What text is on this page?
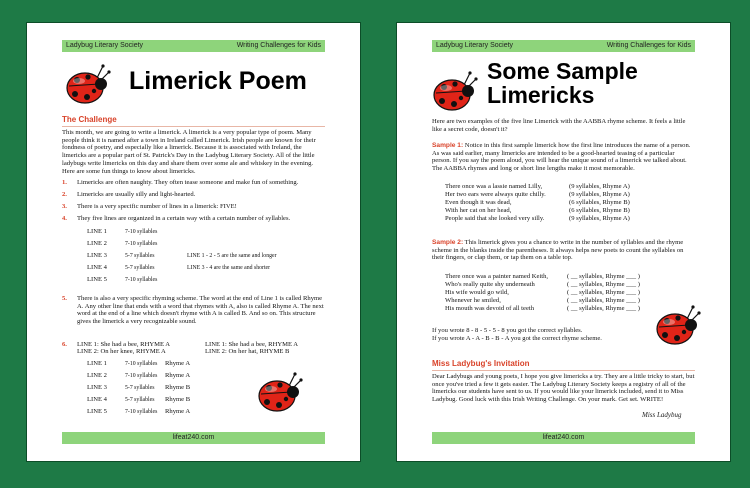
Ladybug Literary Society	Writing Challenges for Kids
Limerick Poem
The Challenge
This month, we are going to write a limerick. A limerick is a very popular type of poem. Many people think it is named after a town in Ireland called Limerick. Irish people are known for their fondness of poetry, and especially like a limerick. Because it is associated with Ireland, the limericks are a popular part of St. Patrick's Day in the Ladybug Literary Society. All of the little ladybugs write limericks on this day and share them over some ale and whiskey in the evening. Here are some fun things to know about limericks.
1. Limericks are often naughty. They often tease someone and make fun of something.
2. Limericks are usually silly and light-hearted.
3. There is a very specific number of lines in a limerick: FIVE!
4. They five lines are organized in a certain way with a certain number of syllables.
LINE 1	7-10 syllables
LINE 2	7-10 syllables
LINE 3	5-7 syllables
LINE 4	5-7 syllables
LINE 5	7-10 syllables
LINE 1 - 2 - 5 are the same and longer
LINE 3 - 4 are the same and shorter
5. There is also a very specific rhyming scheme. The word at the end of Line 1 is called Rhyme A. Any other line that ends with a word that rhymes with A, also is called Rhyme A. The next word at the end of a line which doesn't rhyme with A is called B. And so on. This structure gives the limerick a very recognizable sound.
6. LINE 1: She had a bee, RHYME A
LINE 2: On her knee, RHYME A
LINE 1: She had a bee, RHYME A
LINE 2: On her hat, RHYME B
LINE 1	7-10 syllables Rhyme A
LINE 2	7-10 syllables Rhyme A
LINE 3	5-7 syllables Rhyme B
LINE 4	5-7 syllables Rhyme B
LINE 5	7-10 syllables Rhyme A
lifeat240.com
Ladybug Literary Society	Writing Challenges for Kids
Some Sample Limericks
Here are two examples of the five line Limerick with the AABBA rhyme scheme. It feels a little like a secret code, doesn't it?
Sample 1: Notice in this first sample limerick how the first line introduces the name of a person. As was said earlier, many limericks are intended to be a good-hearted teasing of a particular person. If you say the poem aloud, you will hear the unique sound of a limerick we talked about. The AABBA rhymes and long or short line lengths make it most memorable.
There once was a lassie named Lilly,	(9 syllables, Rhyme A)
Her two ears were always quite chilly.	(9 syllables, Rhyme A)
Even though it was dead,	(6 syllables, Rhyme B)
With her cat on her head,	(6 syllables, Rhyme B)
People said that she looked very silly.	(9 syllables, Rhyme A)
Sample 2: This limerick gives you a chance to write in the number of syllables and the rhyme scheme in the blanks inside the parentheses. It always helps new poets to count the syllables on their fingers, or clap them, or tap them on a table top.
There once was a painter named Keith,	( __ syllables, Rhyme ___ )
Who's really quite shy underneath	( __ syllables, Rhyme ___ )
His wife would go wild,	( __ syllables, Rhyme ___ )
Whenever he smiled,	( __ syllables, Rhyme ___ )
His mouth was devoid of all teeth	( __ syllables, Rhyme ___ )
If you wrote 8 - 8 - 5 - 5 - 8 you got the correct syllables.
If you wrote A - A - B - B - A you got the correct rhyme scheme.
Miss Ladybug's Invitation
Dear Ladybugs and young poets, I hope you give limericks a try. They are a little tricky to start, but once you've tried a few it gets easier. The Ladybug Literary Society keeps a registry of all of the limericks our students have sent to us. If you would like your limerick included, send it to Miss Ladybug. Good luck with this Irish Writing Challenge. On your mark. Get set. WRITE!
Miss Ladybug
lifeat240.com
